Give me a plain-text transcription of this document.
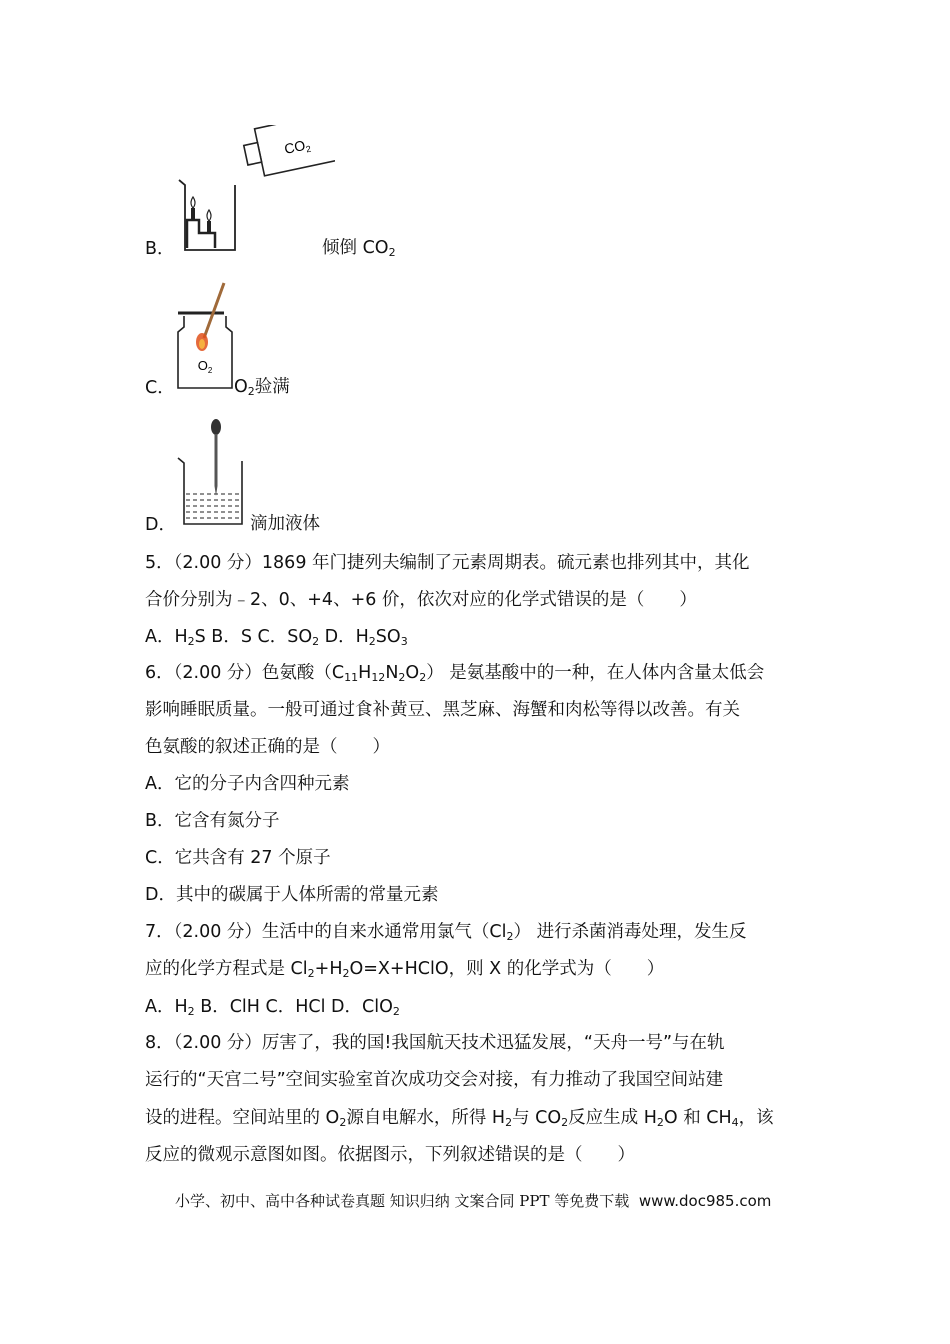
$CO_2$
B．	倾倒 $CO_2$
$O_2$
C．	$O_2$验满
D．	滴加液体
5．（2.00 分）1869 年门捷列夫编制了元素周期表。硫元素也排列其中，其化
合价分别为﹣2、0、+4、+6 价，依次对应的化学式错误的是（　　）
A．$H_2S$ B．S C．$SO_2$ D．$H_2SO_3$
6．（2.00 分）色氨酸$(C_{11}H_{12}N_2O_2)$ 是氨基酸中的一种，在人体内含量太低会
影响睡眠质量。一般可通过食补黄豆、黑芝麻、海蟹和肉松等得以改善。有关
色氨酸的叙述正确的是（　　）
A．它的分子内含四种元素
B．它含有氮分子
C．它共含有 27 个原子
D．其中的碳属于人体所需的常量元素
7．（2.00 分）生活中的自来水通常用氯气$(Cl_2)$ 进行杀菌消毒处理，发生反
应的化学方程式是 $Cl_2+H_2O=X+HClO$，则 X 的化学式为（　　）
A．$H_2$ B．ClH C．HCl D．ClO$_2$
8．（2.00 分）厉害了，我的国!我国航天技术迅猛发展，“天舟一号”与在轨
运行的“天宫二号”空间实验室首次成功交会对接，有力推动了我国空间站建
设的进程。空间站里的 $O_2$源自电解水，所得 $H_2$与 $CO_2$反应生成 $H_2O$ 和 $CH_4$，该
反应的微观示意图如图。依据图示，下列叙述错误的是（　　）
小学、初中、高中各种试卷真题 知识归纳 文案合同 PPT 等免费下载 www.doc985.com
